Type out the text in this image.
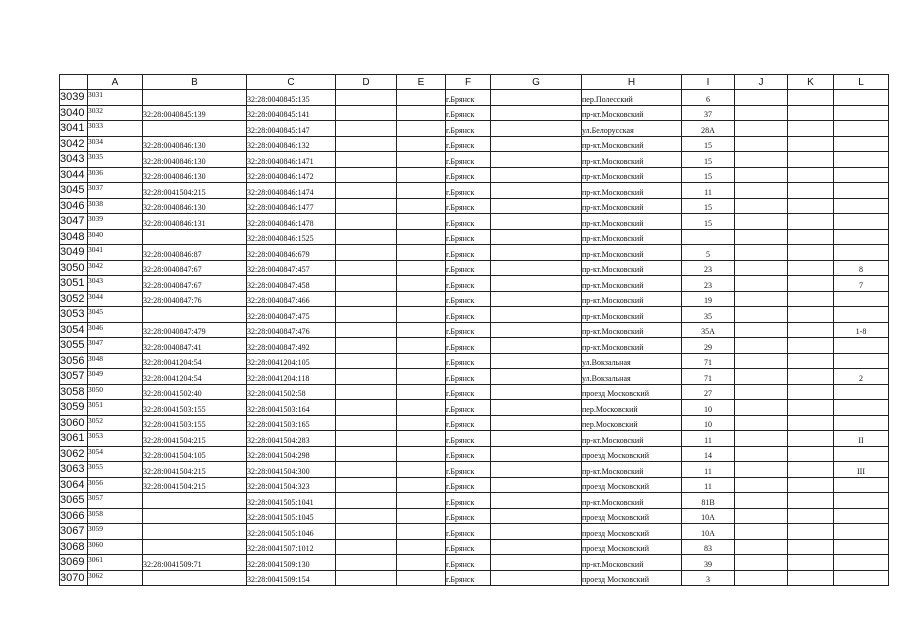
	A	B	C	D	E	F	G	H	I	J	K	L
3039	3031		32:28:0040845:135			г.Брянск		пер.Полесский	6			
3040	3032	32:28:0040845:139	32:28:0040845:141			г.Брянск		пр-кт.Московский	37			
3041	3033		32:28:0040845:147			г.Брянск		ул.Белорусская	28А			
3042	3034	32:28:0040846:130	32:28:0040846:132			г.Брянск		пр-кт.Московский	15			
3043	3035	32:28:0040846:130	32:28:0040846:1471			г.Брянск		пр-кт.Московский	15			
3044	3036	32:28:0040846:130	32:28:0040846:1472			г.Брянск		пр-кт.Московский	15			
3045	3037	32:28:0041504:215	32:28:0040846:1474			г.Брянск		пр-кт.Московский	11			
3046	3038	32:28:0040846:130	32:28:0040846:1477			г.Брянск		пр-кт.Московский	15			
3047	3039	32:28:0040846:131	32:28:0040846:1478			г.Брянск		пр-кт.Московский	15			
3048	3040		32:28:0040846:1525			г.Брянск		пр-кт.Московский				
3049	3041	32:28:0040846:87	32:28:0040846:679			г.Брянск		пр-кт.Московский	5			
3050	3042	32:28:0040847:67	32:28:0040847:457			г.Брянск		пр-кт.Московский	23			8
3051	3043	32:28:0040847:67	32:28:0040847:458			г.Брянск		пр-кт.Московский	23			7
3052	3044	32:28:0040847:76	32:28:0040847:466			г.Брянск		пр-кт.Московский	19			
3053	3045		32:28:0040847:475			г.Брянск		пр-кт.Московский	35			
3054	3046	32:28:0040847:479	32:28:0040847:476			г.Брянск		пр-кт.Московский	35А			1-8
3055	3047	32:28:0040847:41	32:28:0040847:492			г.Брянск		пр-кт.Московский	29			
3056	3048	32:28:0041204:54	32:28:0041204:105			г.Брянск		ул.Вокзальная	71			
3057	3049	32:28:0041204:54	32:28:0041204:118			г.Брянск		ул.Вокзальная	71			2
3058	3050	32:28:0041502:40	32:28:0041502:58			г.Брянск		проезд Московский	27			
3059	3051	32:28:0041503:155	32:28:0041503:164			г.Брянск		пер.Московский	10			
3060	3052	32:28:0041503:155	32:28:0041503:165			г.Брянск		пер.Московский	10			
3061	3053	32:28:0041504:215	32:28:0041504:283			г.Брянск		пр-кт.Московский	11			II
3062	3054	32:28:0041504:105	32:28:0041504:298			г.Брянск		проезд Московский	14			
3063	3055	32:28:0041504:215	32:28:0041504:300			г.Брянск		пр-кт.Московский	11			III
3064	3056	32:28:0041504:215	32:28:0041504:323			г.Брянск		проезд Московский	11			
3065	3057		32:28:0041505:1041			г.Брянск		пр-кт.Московский	81В			
3066	3058		32:28:0041505:1045			г.Брянск		проезд Московский	10А			
3067	3059		32:28:0041505:1046			г.Брянск		проезд Московский	10А			
3068	3060		32:28:0041507:1012			г.Брянск		проезд Московский	83			
3069	3061	32:28:0041509:71	32:28:0041509:130			г.Брянск		пр-кт.Московский	39			
3070	3062		32:28:0041509:154			г.Брянск		проезд Московский	3			
